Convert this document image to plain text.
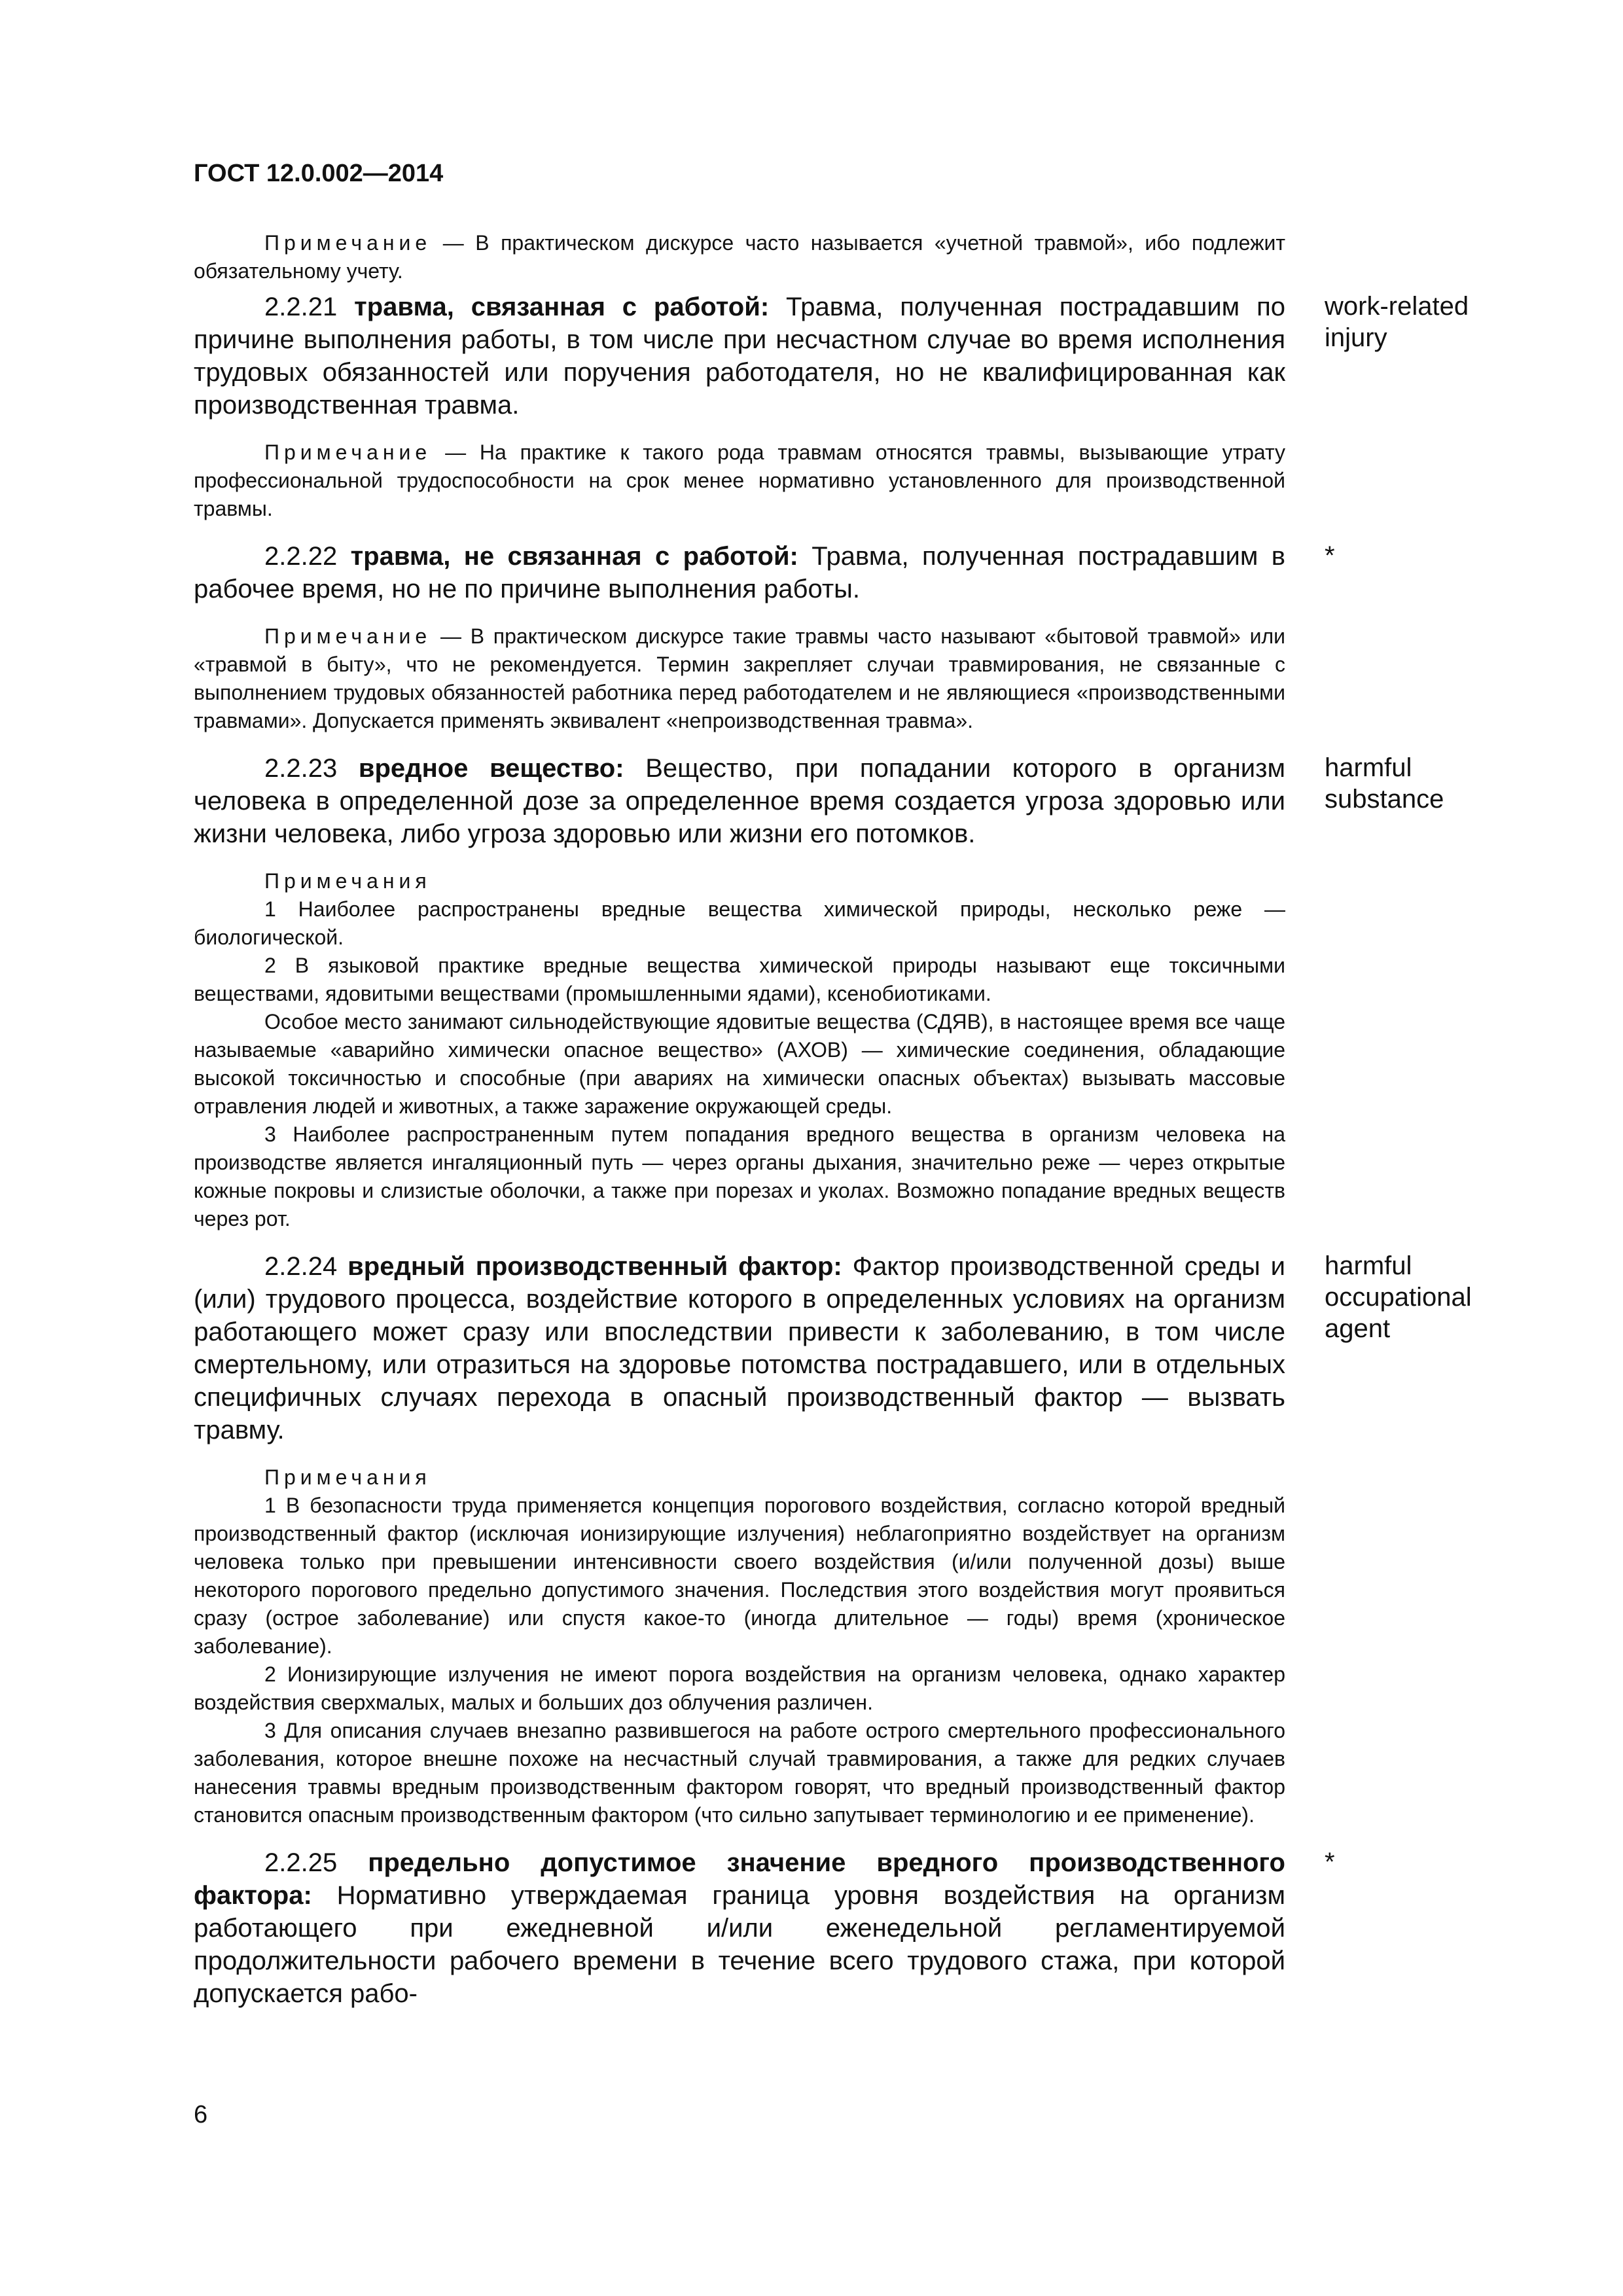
ГОСТ 12.0.002—2014

Примечание — В практическом дискурсе часто называется «учетной травмой», ибо подлежит обязательному учету.

2.2.21 травма, связанная с работой: Травма, полученная пострадавшим по причине выполнения работы, в том числе при несчастном случае во время исполнения трудовых обязанностей или поручения работодателя, но не квалифицированная как производственная травма.

work-related injury

Примечание — На практике к такого рода травмам относятся травмы, вызывающие утрату профессиональной трудоспособности на срок менее нормативно установленного для производственной травмы.

2.2.22 травма, не связанная с работой: Травма, полученная пострадавшим в рабочее время, но не по причине выполнения работы.

*

Примечание — В практическом дискурсе такие травмы часто называют «бытовой травмой» или «травмой в быту», что не рекомендуется. Термин закрепляет случаи травмирования, не связанные с выполнением трудовых обязанностей работника перед работодателем и не являющиеся «производственными травмами». Допускается применять эквивалент «непроизводственная травма».

2.2.23 вредное вещество: Вещество, при попадании которого в организм человека в определенной дозе за определенное время создается угроза здоровью или жизни человека, либо угроза здоровью или жизни его потомков.

harmful substance

Примечания

1 Наиболее распространены вредные вещества химической природы, несколько реже — биологической.

2 В языковой практике вредные вещества химической природы называют еще токсичными веществами, ядовитыми веществами (промышленными ядами), ксенобиотиками.

Особое место занимают сильнодействующие ядовитые вещества (СДЯВ), в настоящее время все чаще называемые «аварийно химически опасное вещество» (АХОВ) — химические соединения, обладающие высокой токсичностью и способные (при авариях на химически опасных объектах) вызывать массовые отравления людей и животных, а также заражение окружающей среды.

3 Наиболее распространенным путем попадания вредного вещества в организм человека на производстве является ингаляционный путь — через органы дыхания, значительно реже — через открытые кожные покровы и слизистые оболочки, а также при порезах и уколах. Возможно попадание вредных веществ через рот.

2.2.24 вредный производственный фактор: Фактор производственной среды и (или) трудового процесса, воздействие которого в определенных условиях на организм работающего может сразу или впоследствии привести к заболеванию, в том числе смертельному, или отразиться на здоровье потомства пострадавшего, или в отдельных специфичных случаях перехода в опасный производственный фактор — вызвать травму.

harmful occupational agent

Примечания

1 В безопасности труда применяется концепция порогового воздействия, согласно которой вредный производственный фактор (исключая ионизирующие излучения) неблагоприятно воздействует на организм человека только при превышении интенсивности своего воздействия (и/или полученной дозы) выше некоторого порогового предельно допустимого значения. Последствия этого воздействия могут проявиться сразу (острое заболевание) или спустя какое-то (иногда длительное — годы) время (хроническое заболевание).

2 Ионизирующие излучения не имеют порога воздействия на организм человека, однако характер воздействия сверхмалых, малых и больших доз облучения различен.

3 Для описания случаев внезапно развившегося на работе острого смертельного профессионального заболевания, которое внешне похоже на несчастный случай травмирования, а также для редких случаев нанесения травмы вредным производственным фактором говорят, что вредный производственный фактор становится опасным производственным фактором (что сильно запутывает терминологию и ее применение).

2.2.25 предельно допустимое значение вредного производственного фактора: Нормативно утверждаемая граница уровня воздействия на организм работающего при ежедневной и/или еженедельной регламентируемой продолжительности рабочего времени в течение всего трудового стажа, при которой допускается рабо-

*
6
